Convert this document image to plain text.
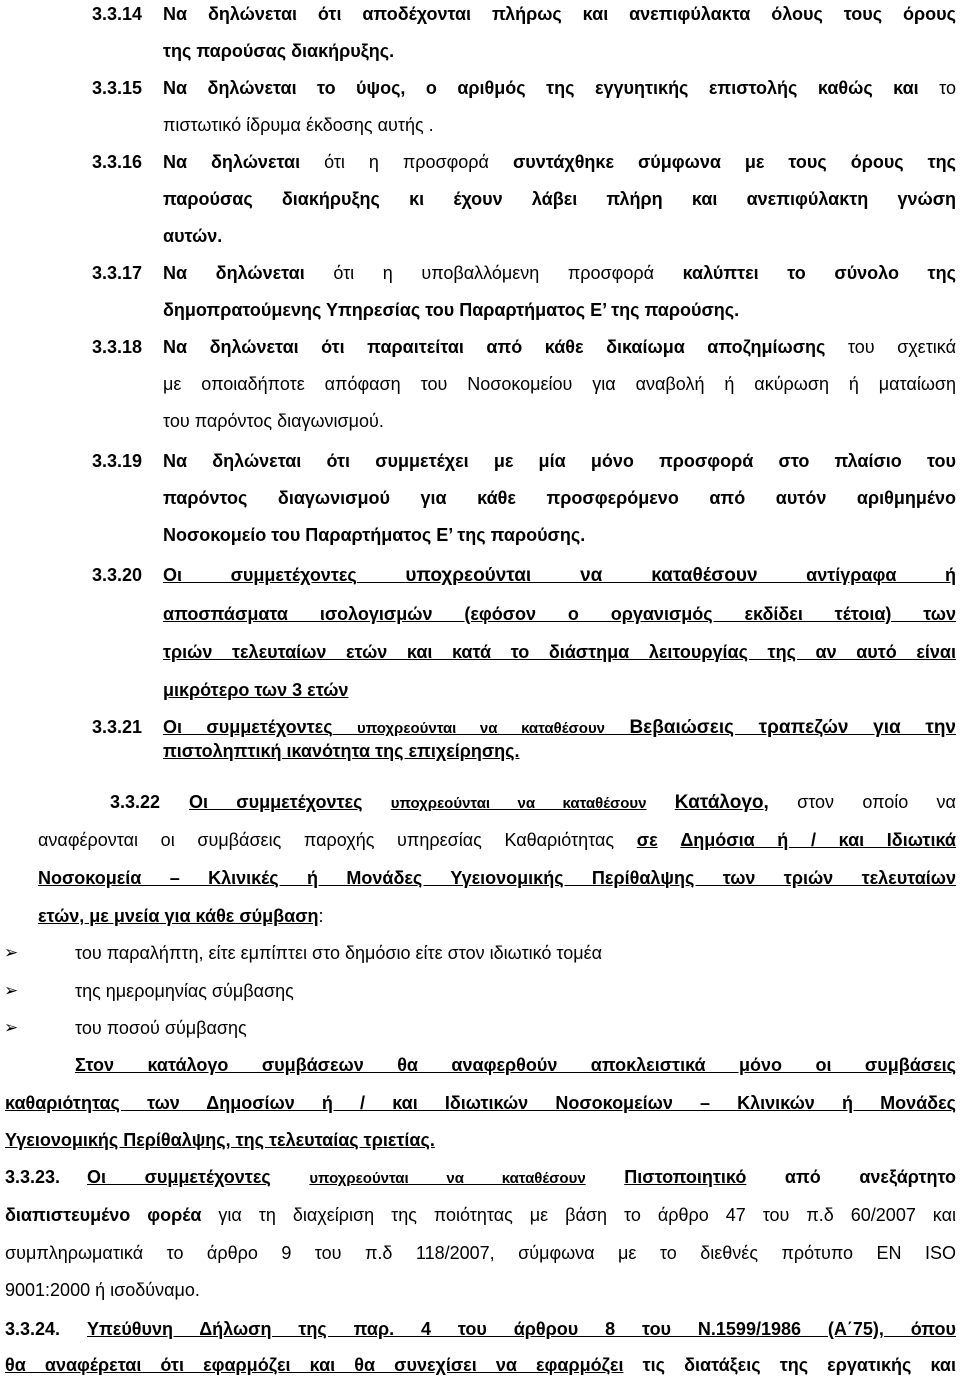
3.3.14 Να δηλώνεται ότι αποδέχονται πλήρως και ανεπιφύλακτα όλους τους όρους
της παρούσας διακήρυξης.
3.3.15 Να δηλώνεται το ύψος, ο αριθμός της εγγυητικής επιστολής καθώς και το
πιστωτικό ίδρυμα έκδοσης αυτής .
3.3.16 Να δηλώνεται ότι η προσφορά συντάχθηκε σύμφωνα με τους όρους της
παρούσας διακήρυξης κι έχουν λάβει πλήρη και ανεπιφύλακτη γνώση
αυτών.
3.3.17 Να δηλώνεται ότι η υποβαλλόμενη προσφορά καλύπτει το σύνολο της
δημοπρατούμενης Υπηρεσίας του Παραρτήματος Ε’ της παρούσης.
3.3.18 Να δηλώνεται ότι παραιτείται από κάθε δικαίωμα αποζημίωσης του σχετικά
με οποιαδήποτε απόφαση του Νοσοκομείου για αναβολή ή ακύρωση ή ματαίωση
του παρόντος διαγωνισμού.
3.3.19 Να δηλώνεται ότι συμμετέχει με μία μόνο προσφορά στο πλαίσιο του
παρόντος διαγωνισμού για κάθε προσφερόμενο από αυτόν αριθμημένο
Νοσοκομείο του Παραρτήματος Ε’ της παρούσης.
3.3.20 Οι συμμετέχοντες	υποχρεούνται να καταθέσουν	αντίγραφα ή
αποσπάσματα ισολογισμών (εφόσον ο οργανισμός εκδίδει τέτοια) των
τριών τελευταίων ετών και κατά το διάστημα λειτουργίας της αν αυτό είναι
μικρότερο των 3 ετών
3.3.21 Οι συμμετέχοντες υποχρεούνται να καταθέσουν Βεβαιώσεις τραπεζών για την
πιστοληπτική ικανότητα της επιχείρησης.
3.3.22 Οι συμμετέχοντες υποχρεούνται να καταθέσουν Κατάλογο, στον οποίο να
αναφέρονται οι συμβάσεις παροχής υπηρεσίας Καθαριότητας σε Δημόσια ή / και Ιδιωτικά
Νοσοκομεία – Κλινικές ή Μονάδες Υγειονομικής Περίθαλψης των τριών τελευταίων
ετών, με μνεία για κάθε σύμβαση:
➢	του παραλήπτη, είτε εμπίπτει στο δημόσιο είτε στον ιδιωτικό τομέα
➢	της ημερομηνίας σύμβασης
➢	του ποσού σύμβασης
Στον κατάλογο συμβάσεων θα αναφερθούν αποκλειστικά μόνο οι συμβάσεις
καθαριότητας των Δημοσίων ή / και Ιδιωτικών Νοσοκομείων – Κλινικών ή Μονάδες
Υγειονομικής Περίθαλψης, της τελευταίας τριετίας.
3.3.23. Οι συμμετέχοντες	υποχρεούνται να καταθέσουν Πιστοποιητικό από ανεξάρτητο
διαπιστευμένο φορέα για τη διαχείριση της ποιότητας με βάση το άρθρο 47 του π.δ 60/2007 και
συμπληρωματικά το άρθρο 9 του π.δ 118/2007, σύμφωνα με το διεθνές πρότυπο EN ISO
9001:2000 ή ισοδύναμο.
3.3.24. Υπεύθυνη Δήλωση της παρ. 4 του άρθρου 8 του Ν.1599/1986 (Α΄75), όπου
θα αναφέρεται ότι εφαρμόζει και θα συνεχίσει να εφαρμόζει τις διατάξεις της εργατικής και
